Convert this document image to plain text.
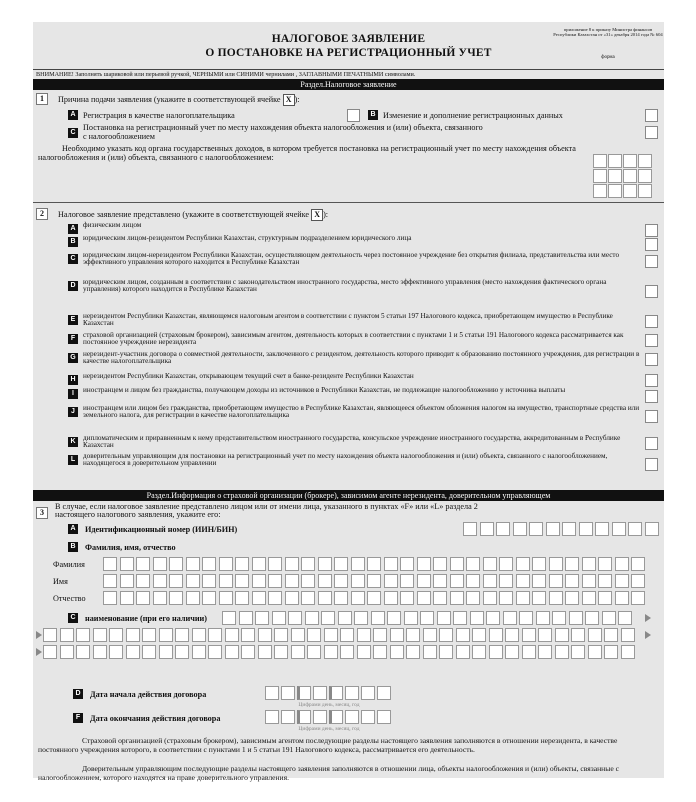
НАЛОГОВОЕ ЗАЯВЛЕНИЕ
О ПОСТАНОВКЕ НА РЕГИСТРАЦИОННЫЙ УЧЕТ
приложение 8 к приказу Министра финансов Республики Казахстан от «31» декабря 2014 года № 604
форма
ВНИМАНИЕ! Заполнять шариковой или перьевой ручкой, ЧЕРНЫМИ или СИНИМИ чернилами , ЗАГЛАВНЫМИ ПЕЧАТНЫМИ символами.
Раздел.Налоговое заявление
1	Причина подачи заявления (укажите в соответствующей ячейке X ):
A Регистрация в качестве налогоплательщика	B Изменение и дополнение регистрационных данных
C
Постановка на регистрационный учет по месту нахождения объекта налогообложения и (или) объекта, связанного с налогообложением
Необходимо указать код органа государственных доходов, в котором требуется постановка на регистрационный учет по месту нахождения объекта налогообложения и (или) объекта, связанного с налогообложением:
2	Налоговое заявление представлено (укажите в соответствующей ячейке X ):
A	физическим лицом
B	юридическим лицом-резидентом Республики Казахстан, структурным подразделением юридического лица
C	юридическим лицом-нерезидентом Республики Казахстан, осуществляющем деятельность через постоянное учреждение без открытия филиала, представительства или место эффективного управления которого находится в Республике Казахстан
D	юридическим лицом, созданным в соответствии с законодательством иностранного государства, место эффективного управления (место нахождения фактического органа управления) которого находится в Республике Казахстан
E	нерезидентом Республики Казахстан, являющемся налоговым агентом в соответствии с пунктом 5 статьи 197 Налогового кодекса, приобретающем имущество в Республике Казахстан
F	страховой организацией (страховым брокером), зависимым агентом, деятельность которых в соответствии с пунктами 1 и 5 статьи 191 Налогового кодекса рассматривается как постоянное учреждение нерезидента
G	нерезидент-участник договора о совместной деятельности, заключенного с резидентом, деятельность которого приводит к образованию постоянного учреждения, для регистрации в качестве налогоплательщика
H	нерезидентом Республики Казахстан, открывающем текущий счет в банке-резиденте Республики Казахстан
I	иностранцем и лицом без гражданства, получающем доходы из источников в Республики Казахстан, не подлежащие налогообложению у источника выплаты
J	иностранцем или лицом без гражданства, приобретающем имущество в Республике Казахстан, являющееся объектом обложения налогом на имущество, транспортные средства или земельного налога, для регистрации в качестве налогоплательщика
K	дипломатическим и приравненным к нему представительством иностранного государства, консульское учреждение иностранного государства, аккредитованным в Республике Казахстан
L	доверительным управляющим для постановки на регистрационный учет по месту нахождения объекта налогообложения и (или) объекта, связанного с налогообложением, находящегося в доверительном управлении
Раздел.Информация о страховой организации (брокере), зависимом агенте нерезидента, доверительном управляющем
3
В случае, если налоговое заявление представлено лицом или от имени лица, указанного в пунктах «F» или «L» раздела 2 настоящего налогового заявления, укажите его:
A	Идентификационный номер (ИИН/БИН)
B	Фамилия, имя, отчество
Фамилия
Имя
Отчество
C	наименование (при его наличии)
D	Дата начала действия договора
Цифрами день, месяц, год
F	Дата окончания действия договора
Цифрами день, месяц, год
Страховой организацией (страховым брокером), зависимым агентом последующие разделы настоящего заявления заполняются в отношении нерезидента, в качестве постоянного учреждения которого, в соответствии с пунктами 1 и 5 статьи 191 Налогового кодекса, рассматривается его деятельность.
Доверительным управляющим последующие разделы настоящего заявления заполняются в отношении лица, объекты налогообложения и (или) объекты, связанные с налогообложением, которого находятся на праве доверительного управления.
